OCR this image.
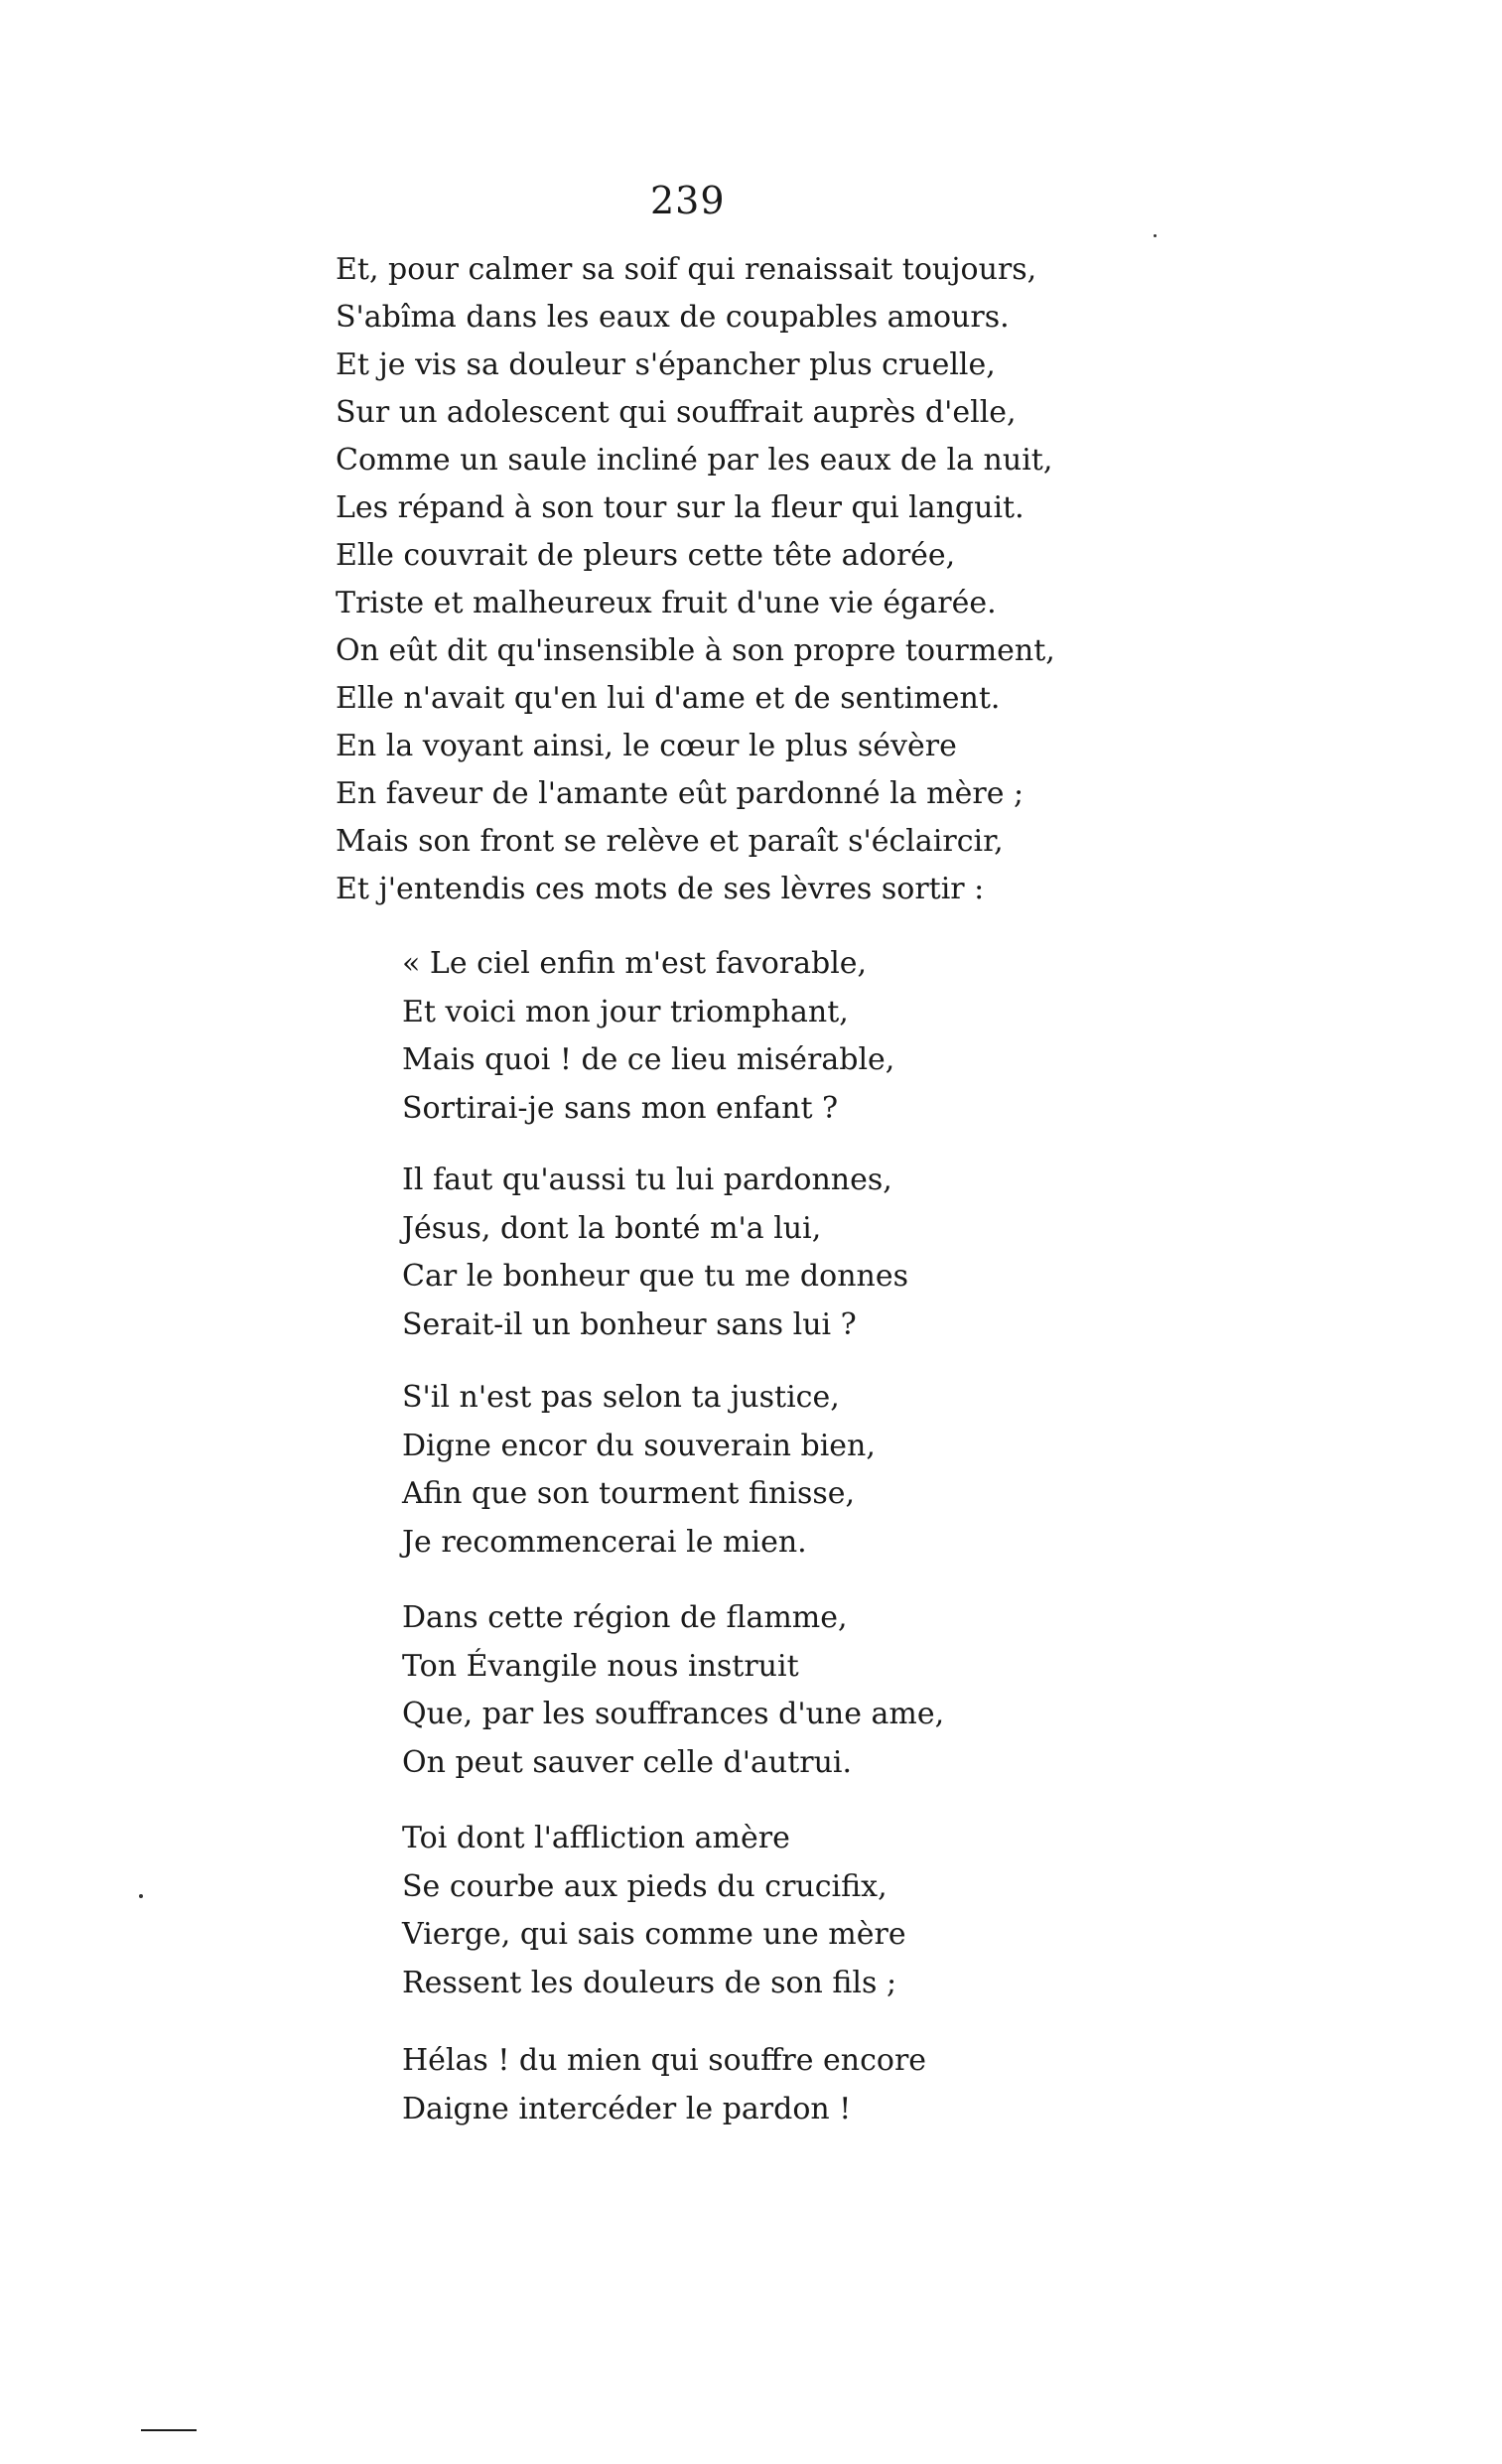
239
Et, pour calmer sa soif qui renaissait toujours,
S'abîma dans les eaux de coupables amours.
Et je vis sa douleur s'épancher plus cruelle,
Sur un adolescent qui souffrait auprès d'elle,
Comme un saule incliné par les eaux de la nuit,
Les répand à son tour sur la fleur qui languit.
Elle couvrait de pleurs cette tête adorée,
Triste et malheureux fruit d'une vie égarée.
On eût dit qu'insensible à son propre tourment,
Elle n'avait qu'en lui d'ame et de sentiment.
En la voyant ainsi, le cœur le plus sévère
En faveur de l'amante eût pardonné la mère ;
Mais son front se relève et paraît s'éclaircir,
Et j'entendis ces mots de ses lèvres sortir :
« Le ciel enfin m'est favorable,
Et voici mon jour triomphant,
Mais quoi ! de ce lieu misérable,
Sortirai-je sans mon enfant ?
Il faut qu'aussi tu lui pardonnes,
Jésus, dont la bonté m'a lui,
Car le bonheur que tu me donnes
Serait-il un bonheur sans lui ?
S'il n'est pas selon ta justice,
Digne encor du souverain bien,
Afin que son tourment finisse,
Je recommencerai le mien.
Dans cette région de flamme,
Ton Évangile nous instruit
Que, par les souffrances d'une ame,
On peut sauver celle d'autrui.
Toi dont l'affliction amère
Se courbe aux pieds du crucifix,
Vierge, qui sais comme une mère
Ressent les douleurs de son fils ;
Hélas ! du mien qui souffre encore
Daigne intercéder le pardon !
